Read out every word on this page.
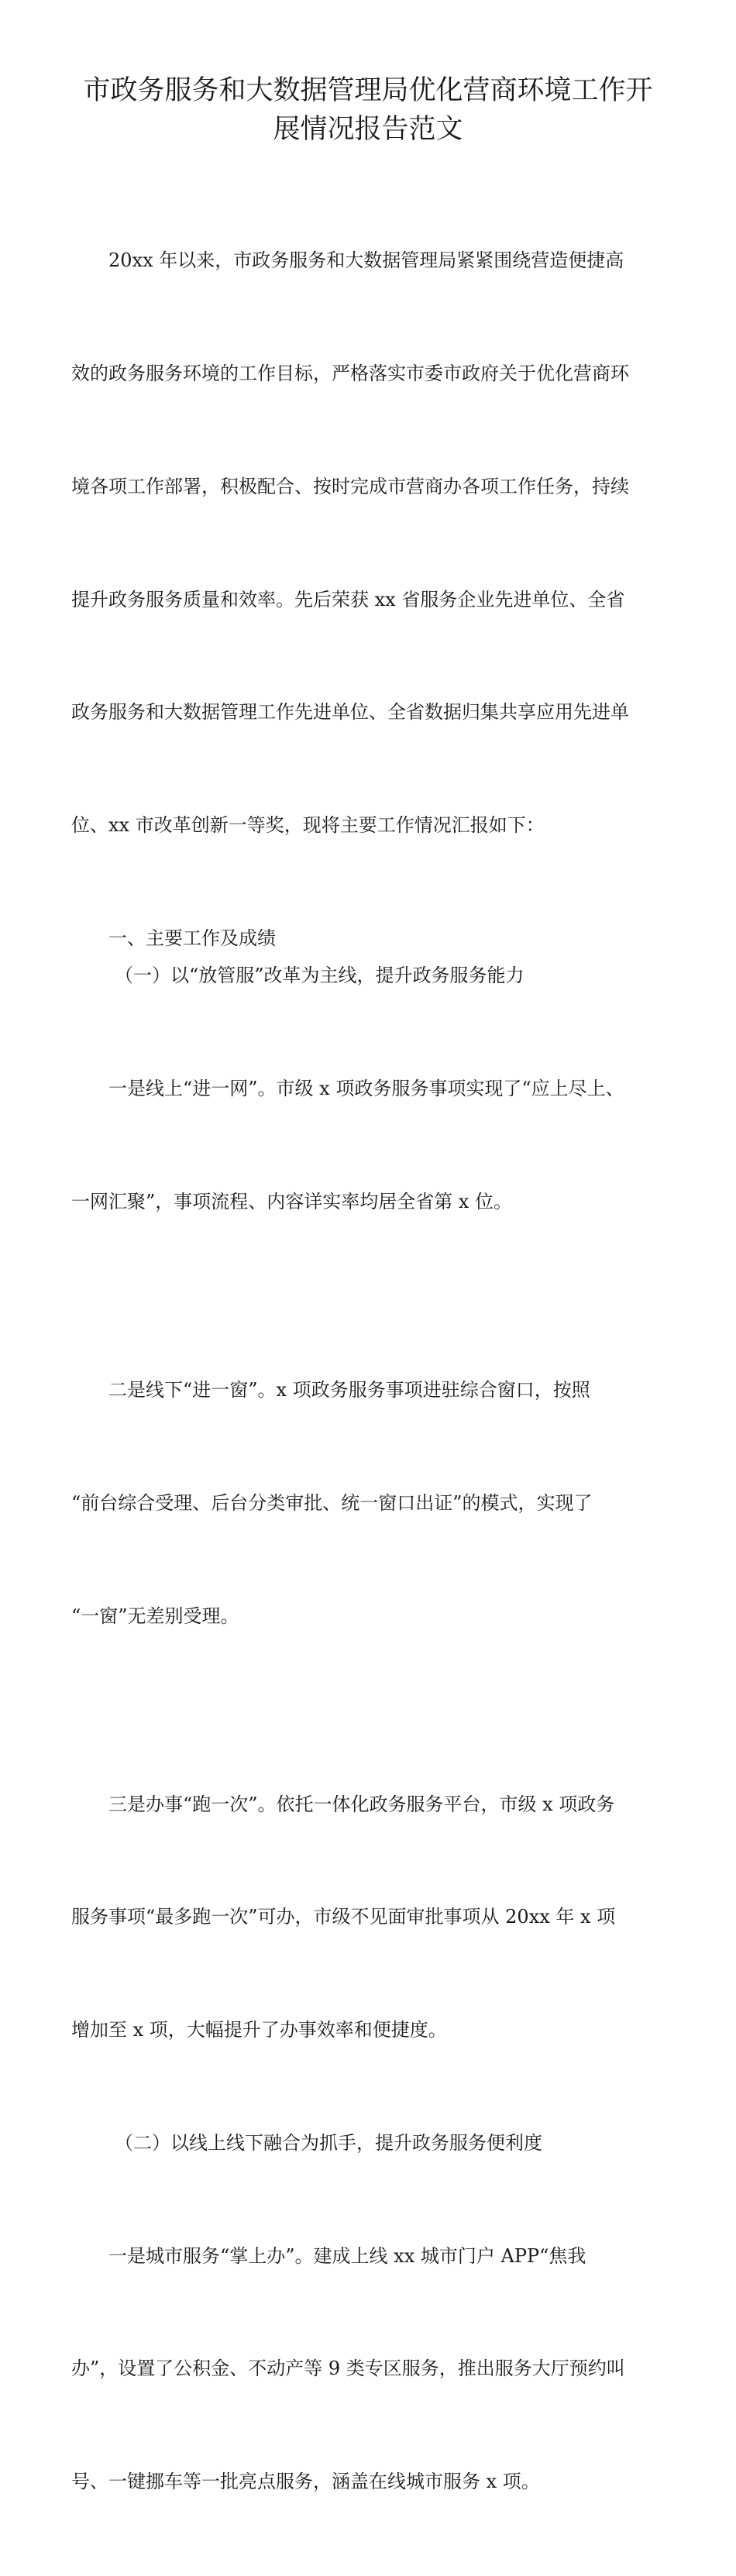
市政务服务和大数据管理局优化营商环境工作开
展情况报告范文

20xx 年以来，市政务服务和大数据管理局紧紧围绕营造便捷高

效的政务服务环境的工作目标，严格落实市委市政府关于优化营商环

境各项工作部署，积极配合、按时完成市营商办各项工作任务，持续

提升政务服务质量和效率。先后荣获 xx 省服务企业先进单位、全省

政务服务和大数据管理工作先进单位、全省数据归集共享应用先进单

位、xx 市改革创新一等奖，现将主要工作情况汇报如下：

一、主要工作及成绩

（一）以“放管服”改革为主线，提升政务服务能力

一是线上“进一网”。市级 x 项政务服务事项实现了“应上尽上、

一网汇聚”，事项流程、内容详实率均居全省第 x 位。

二是线下“进一窗”。x 项政务服务事项进驻综合窗口，按照

“前台综合受理、后台分类审批、统一窗口出证”的模式，实现了

“一窗”无差别受理。

三是办事“跑一次”。依托一体化政务服务平台，市级 x 项政务

服务事项“最多跑一次”可办，市级不见面审批事项从 20xx 年 x 项

增加至 x 项，大幅提升了办事效率和便捷度。

（二）以线上线下融合为抓手，提升政务服务便利度

一是城市服务“掌上办”。建成上线 xx 城市门户 APP“焦我

办”，设置了公积金、不动产等 9 类专区服务，推出服务大厅预约叫

号、一键挪车等一批亮点服务，涵盖在线城市服务 x 项。
